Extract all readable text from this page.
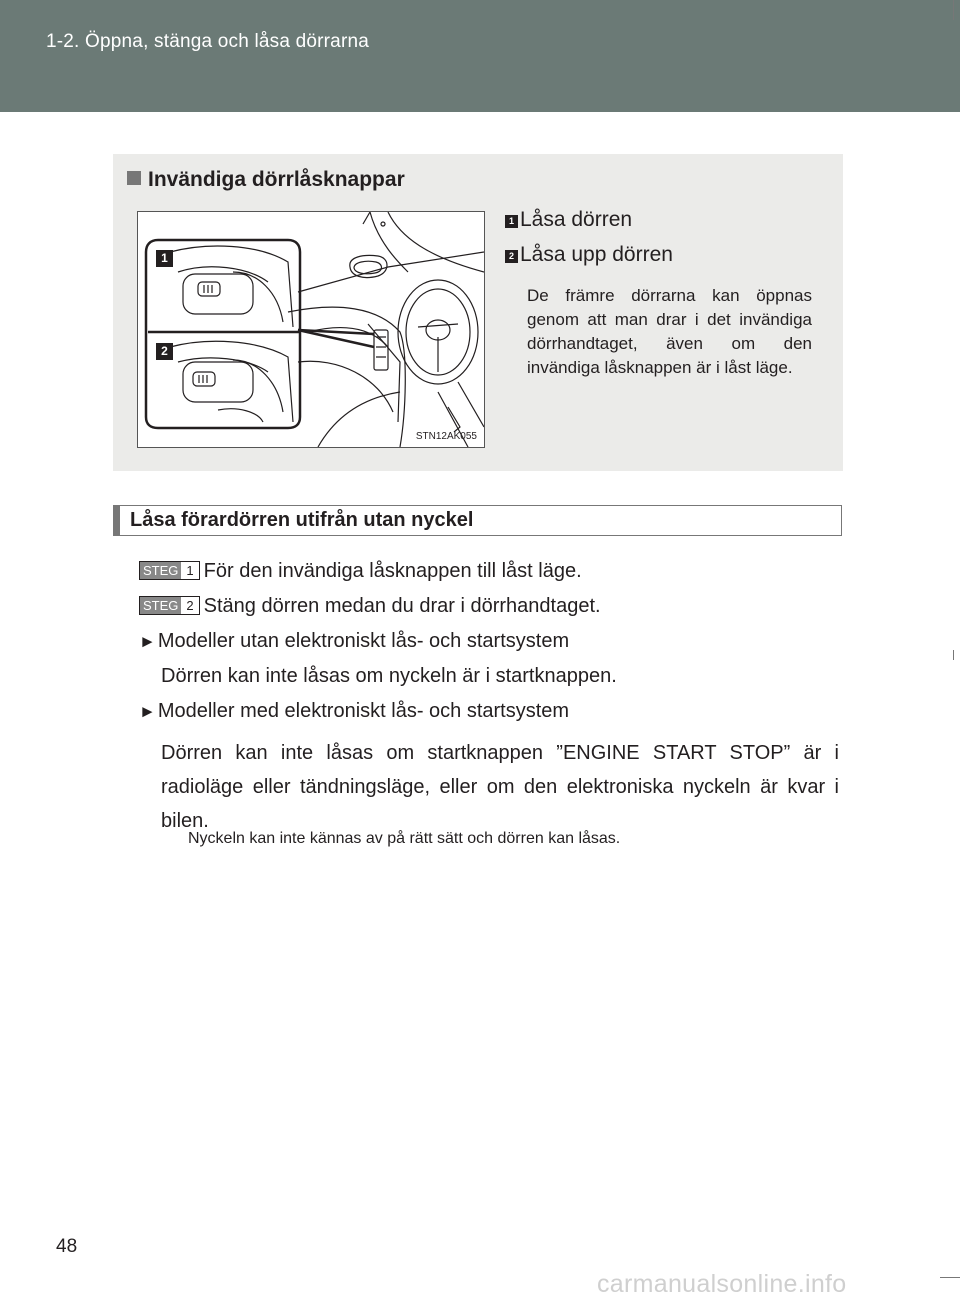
1-2. Öppna, stänga och låsa dörrarna
Invändiga dörrlåsknappar
1
2
STN12AK055
1 Låsa dörren
2 Låsa upp dörren
De främre dörrarna kan öppnas genom att man drar i det invändiga dörrhandtaget, även om den invändiga låsknappen är i låst läge.
Låsa förardörren utifrån utan nyckel
STEG 1 För den invändiga låsknappen till låst läge.
STEG 2 Stäng dörren medan du drar i dörrhandtaget.
► Modeller utan elektroniskt lås- och startsystem
Dörren kan inte låsas om nyckeln är i startknappen.
► Modeller med elektroniskt lås- och startsystem
Dörren kan inte låsas om startknappen ”ENGINE START STOP” är i radioläge eller tändningsläge, eller om den elektroniska nyckeln är kvar i bilen.
Nyckeln kan inte kännas av på rätt sätt och dörren kan låsas.
48
carmanualsonline.info
